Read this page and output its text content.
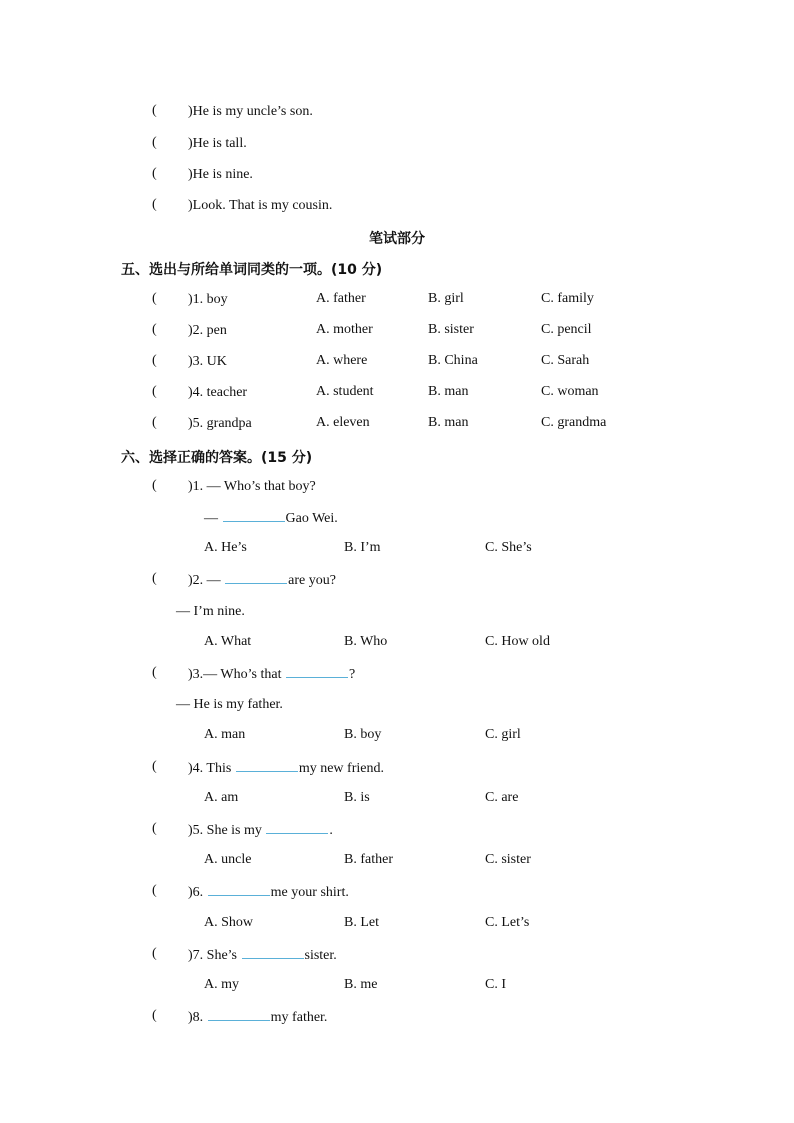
( )He is my uncle’s son.
( )He is tall.
( )He is nine.
( )Look. That is my cousin.
笔试部分
五、选出与所给单词同类的一项。(10 分)
( )1. boy	A. father	B. girl	C. family
( )2. pen	A. mother	B. sister	C. pencil
( )3. UK	A. where	B. China	C. Sarah
( )4. teacher	A. student	B. man	C. woman
( )5. grandpa	A. eleven	B. man	C. grandma
六、选择正确的答案。(15 分)
( )1. — Who’s that boy?
—	Gao Wei.
A. He’s	B. I’m	C. She’s
( )2. —	are you?
— I’m nine.
A. What	B. Who	C. How old
( )3.— Who’s that	?
— He is my father.
A. man	B. boy	C. girl
( )4. This	my new friend.
A. am	B. is	C. are
( )5. She is my	.
A. uncle	B. father	C. sister
( )6.	me your shirt.
A. Show	B. Let	C. Let’s
( )7. She’s	sister.
A. my	B. me	C. I
( )8.	my father.
